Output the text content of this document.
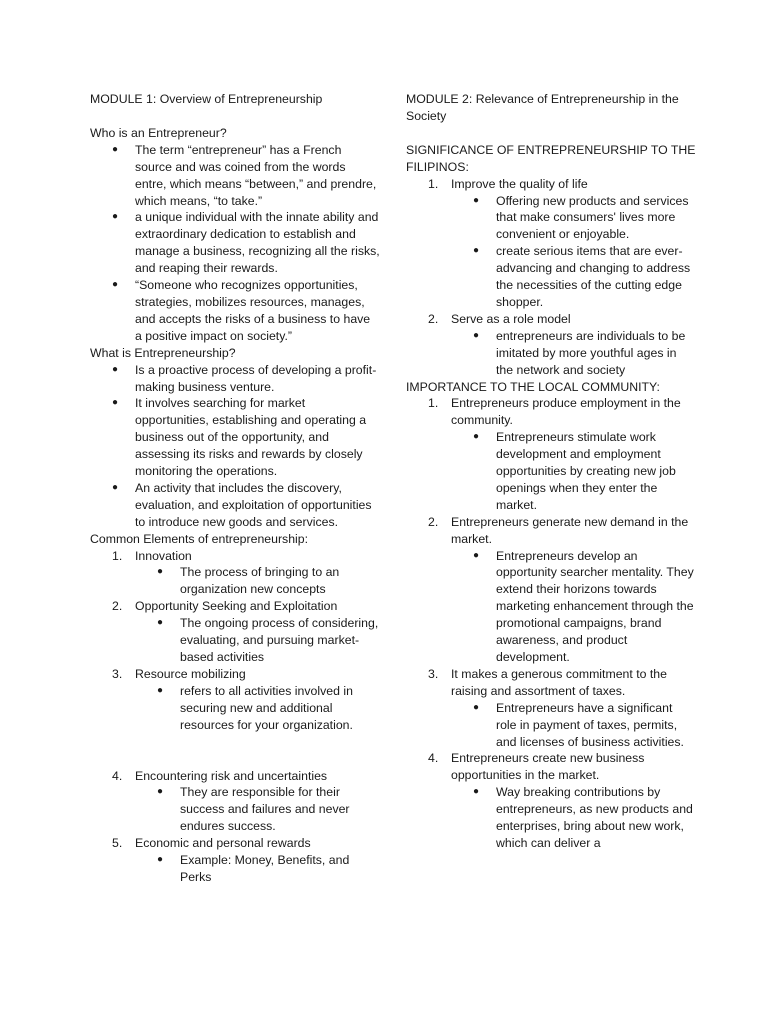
MODULE 1: Overview of Entrepreneurship

Who is an Entrepreneur?

● The term “entrepreneur” has a French source and was coined from the words entre, which means “between,” and prendre, which means, “to take.”
● a unique individual with the innate ability and extraordinary dedication to establish and manage a business, recognizing all the risks, and reaping their rewards.
● “Someone who recognizes opportunities, strategies, mobilizes resources, manages, and accepts the risks of a business to have a positive impact on society.”

What is Entrepreneurship?

● Is a proactive process of developing a profit-making business venture.
● It involves searching for market opportunities, establishing and operating a business out of the opportunity, and assessing its risks and rewards by closely monitoring the operations.
● An activity that includes the discovery, evaluation, and exploitation of opportunities to introduce new goods and services.

Common Elements of entrepreneurship:

1. Innovation
● The process of bringing to an organization new concepts
2. Opportunity Seeking and Exploitation
● The ongoing process of considering, evaluating, and pursuing market-based activities
3. Resource mobilizing
● refers to all activities involved in securing new and additional resources for your organization.
4. Encountering risk and uncertainties
● They are responsible for their success and failures and never endures success.
5. Economic and personal rewards
● Example: Money, Benefits, and Perks

MODULE 2: Relevance of Entrepreneurship in the Society

SIGNIFICANCE OF ENTREPRENEURSHIP TO THE FILIPINOS:

1. Improve the quality of life
● Offering new products and services that make consumers' lives more convenient or enjoyable.
● create serious items that are ever-advancing and changing to address the necessities of the cutting edge shopper.
2. Serve as a role model
● entrepreneurs are individuals to be imitated by more youthful ages in the network and society

IMPORTANCE TO THE LOCAL COMMUNITY:

1. Entrepreneurs produce employment in the community.
● Entrepreneurs stimulate work development and employment opportunities by creating new job openings when they enter the market.
2. Entrepreneurs generate new demand in the market.
● Entrepreneurs develop an opportunity searcher mentality. They extend their horizons towards marketing enhancement through the promotional campaigns, brand awareness, and product development.
3. It makes a generous commitment to the raising and assortment of taxes.
● Entrepreneurs have a significant role in payment of taxes, permits, and licenses of business activities.
4. Entrepreneurs create new business opportunities in the market.
● Way breaking contributions by entrepreneurs, as new products and enterprises, bring about new work, which can deliver a
